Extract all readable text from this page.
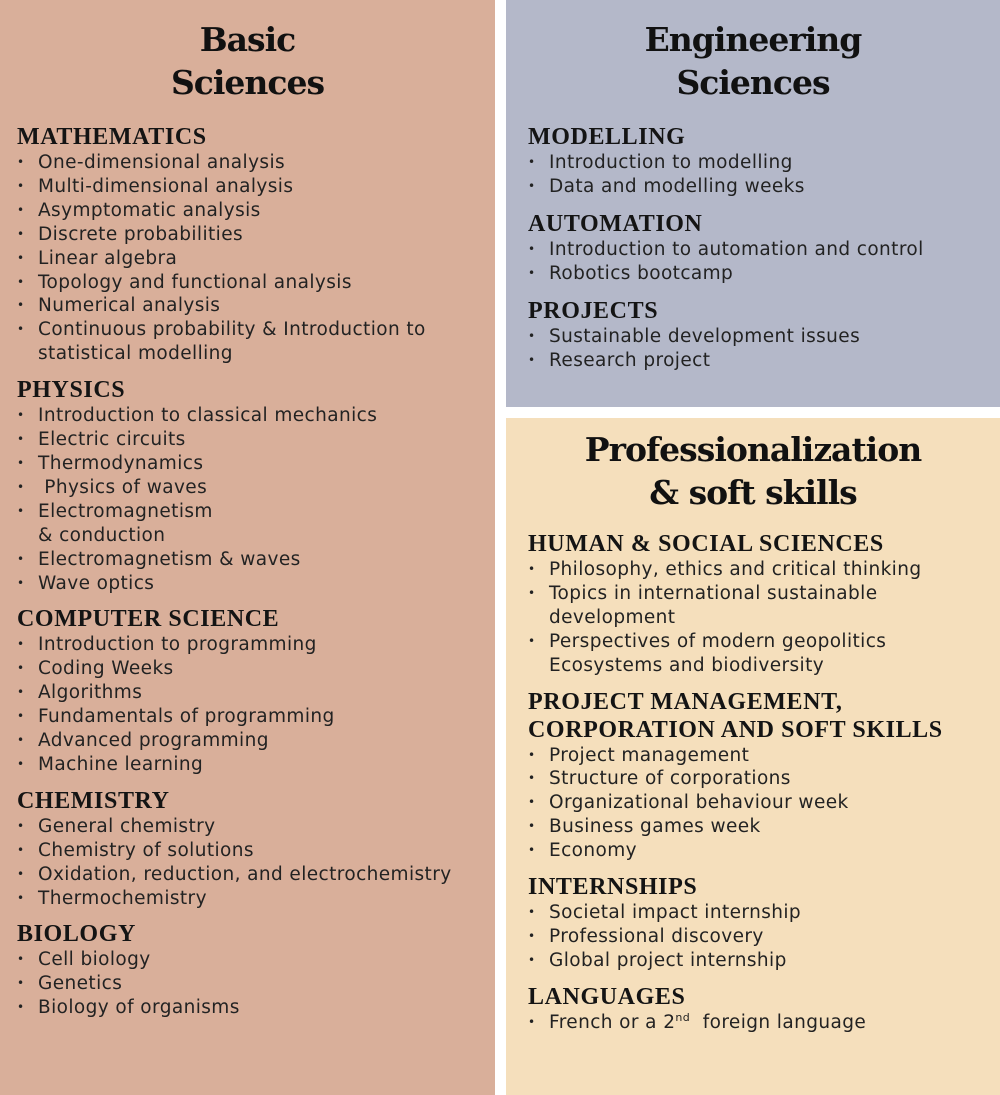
Basic
Sciences
MATHEMATICS
• One-dimensional analysis
• Multi-dimensional analysis
• Asymptomatic analysis
• Discrete probabilities
• Linear algebra
• Topology and functional analysis
• Numerical analysis
• Continuous probability & Introduction to
statistical modelling
PHYSICS
• Introduction to classical mechanics
• Electric circuits
• Thermodynamics
•  Physics of waves
• Electromagnetism
& conduction
• Electromagnetism & waves
• Wave optics
COMPUTER SCIENCE
• Introduction to programming
• Coding Weeks
• Algorithms
• Fundamentals of programming
• Advanced programming
• Machine learning
CHEMISTRY
• General chemistry
• Chemistry of solutions
• Oxidation, reduction, and electrochemistry
• Thermochemistry
BIOLOGY
• Cell biology
• Genetics
• Biology of organisms
Engineering
Sciences
MODELLING
• Introduction to modelling
• Data and modelling weeks
AUTOMATION
• Introduction to automation and control
• Robotics bootcamp
PROJECTS
• Sustainable development issues
• Research project
Professionalization
& soft skills
HUMAN & SOCIAL SCIENCES
• Philosophy, ethics and critical thinking
• Topics in international sustainable
development
• Perspectives of modern geopolitics
Ecosystems and biodiversity
PROJECT MANAGEMENT,
CORPORATION AND SOFT SKILLS
• Project management
• Structure of corporations
• Organizational behaviour week
• Business games week
• Economy
INTERNSHIPS
• Societal impact internship
• Professional discovery
• Global project internship
LANGUAGES
• French or a 2nd  foreign language
